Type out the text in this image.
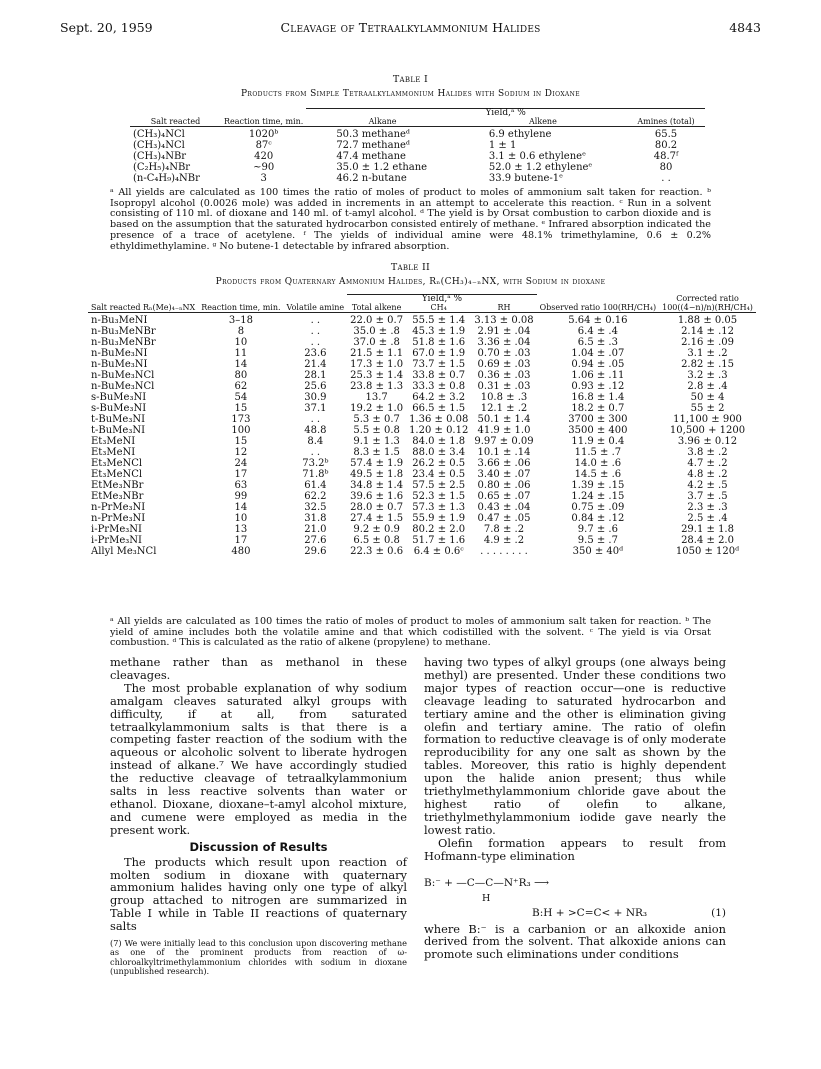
Sept. 20, 1959	Cleavage of Tetraalkylammonium Halides	4843
Table I
Products from Simple Tetraalkylammonium Halides with Sodium in Dioxane
Salt reacted	Reaction time, min.	Yield,ᵃ %		
		Alkane	Alkene	Amines (total)

(CH₃)₄NCl	1020ᵇ	50.3 methaneᵈ	6.9 ethylene	65.5
(CH₃)₄NCl	87ᶜ	72.7 methaneᵈ	1 ± 1	80.2
(CH₃)₄NBr	420	47.4 methane	3.1 ± 0.6 ethyleneᵉ	48.7ᶠ
(C₂H₅)₄NBr	~90	35.0 ± 1.2 ethane	52.0 ± 1.2 ethyleneᵉ	80
(n-C₄H₉)₄NBr	3	46.2 n-butane	33.9 butene-1ᵉ	. .
ᵃ All yields are calculated as 100 times the ratio of moles of product to moles of ammonium salt taken for reaction. ᵇ Isopropyl alcohol (0.0026 mole) was added in increments in an attempt to accelerate this reaction. ᶜ Run in a solvent consisting of 110 ml. of dioxane and 140 ml. of t-amyl alcohol. ᵈ The yield is by Orsat combustion to carbon dioxide and is based on the assumption that the saturated hydrocarbon consisted entirely of methane. ᵉ Infrared absorption indicated the presence of a trace of acetylene. ᶠ The yields of individual amine were 48.1% trimethylamine, 0.6 ± 0.2% ethyldimethylamine. ᵍ No butene-1 detectable by infrared absorption.
Table II
Products from Quaternary Ammonium Halides, Rₙ(CH₃)₄₋ₙNX, with Sodium in dioxane
Salt reacted Rₙ(Me)₄₋ₙNX	Reaction time, min.	Volatile amine	Yield,ᵃ %			Observed ratio 100(RH/CH₄)	Corrected ratio
			Total alkene	CH₄	RH		100((4−n)/n)(RH/CH₄)

n-Bu₃MeNI	3–18	. .	22.0 ± 0.7	55.5 ± 1.4	3.13 ± 0.08	5.64 ± 0.16	1.88 ± 0.05
n-Bu₃MeNBr	8	. .	35.0 ± .8	45.3 ± 1.9	2.91 ± .04	6.4 ± .4	2.14 ± .12
n-Bu₃MeNBr	10	. .	37.0 ± .8	51.8 ± 1.6	3.36 ± .04	6.5 ± .3	2.16 ± .09
n-BuMe₃NI	11	23.6	21.5 ± 1.1	67.0 ± 1.9	0.70 ± .03	1.04 ± .07	3.1 ± .2
n-BuMe₃NI	14	21.4	17.3 ± 1.0	73.7 ± 1.5	0.69 ± .03	0.94 ± .05	2.82 ± .15
n-BuMe₃NCl	80	28.1	25.3 ± 1.4	33.8 ± 0.7	0.36 ± .03	1.06 ± .11	3.2 ± .3
n-BuMe₃NCl	62	25.6	23.8 ± 1.3	33.3 ± 0.8	0.31 ± .03	0.93 ± .12	2.8 ± .4
s-BuMe₃NI	54	30.9	13.7	64.2 ± 3.2	10.8 ± .3	16.8 ± 1.4	50 ± 4
s-BuMe₃NI	15	37.1	19.2 ± 1.0	66.5 ± 1.5	12.1 ± .2	18.2 ± 0.7	55 ± 2
t-BuMe₃NI	173	. .	5.3 ± 0.7	1.36 ± 0.08	50.1 ± 1.4	3700 ± 300	11,100 ± 900
t-BuMe₃NI	100	48.8	5.5 ± 0.8	1.20 ± 0.12	41.9 ± 1.0	3500 ± 400	10,500 + 1200
Et₃MeNI	15	8.4	9.1 ± 1.3	84.0 ± 1.8	9.97 ± 0.09	11.9 ± 0.4	3.96 ± 0.12
Et₃MeNI	12	. .	8.3 ± 1.5	88.0 ± 3.4	10.1 ± .14	11.5 ± .7	3.8 ± .2
Et₃MeNCl	24	73.2ᵇ	57.4 ± 1.9	26.2 ± 0.5	3.66 ± .06	14.0 ± .6	4.7 ± .2
Et₃MeNCl	17	71.8ᵇ	49.5 ± 1.8	23.4 ± 0.5	3.40 ± .07	14.5 ± .6	4.8 ± .2
EtMe₃NBr	63	61.4	34.8 ± 1.4	57.5 ± 2.5	0.80 ± .06	1.39 ± .15	4.2 ± .5
EtMe₃NBr	99	62.2	39.6 ± 1.6	52.3 ± 1.5	0.65 ± .07	1.24 ± .15	3.7 ± .5
n-PrMe₃NI	14	32.5	28.0 ± 0.7	57.3 ± 1.3	0.43 ± .04	0.75 ± .09	2.3 ± .3
n-PrMe₃NI	10	31.8	27.4 ± 1.5	55.9 ± 1.9	0.47 ± .05	0.84 ± .12	2.5 ± .4
i-PrMe₃NI	13	21.0	9.2 ± 0.9	80.2 ± 2.0	7.8 ± .2	9.7 ± .6	29.1 ± 1.8
i-PrMe₃NI	17	27.6	6.5 ± 0.8	51.7 ± 1.6	4.9 ± .2	9.5 ± .7	28.4 ± 2.0
Allyl Me₃NCl	480	29.6	22.3 ± 0.6	6.4 ± 0.6ᶜ	. . . . . . . .	350 ± 40ᵈ	1050 ± 120ᵈ
ᵃ All yields are calculated as 100 times the ratio of moles of product to moles of ammonium salt taken for reaction. ᵇ The yield of amine includes both the volatile amine and that which codistilled with the solvent. ᶜ The yield is via Orsat combustion. ᵈ This is calculated as the ratio of alkene (propylene) to methane.

methane rather than as methanol in these cleavages.

The most probable explanation of why sodium amalgam cleaves saturated alkyl groups with difficulty, if at all, from saturated tetraalkylammonium salts is that there is a competing faster reaction of the sodium with the aqueous or alcoholic solvent to liberate hydrogen instead of alkane.⁷ We have accordingly studied the reductive cleavage of tetraalkylammonium salts in less reactive solvents than water or ethanol. Dioxane, dioxane–t-amyl alcohol mixture, and cumene were employed as media in the present work.

Discussion of Results

The products which result upon reaction of molten sodium in dioxane with quaternary ammonium halides having only one type of alkyl group attached to nitrogen are summarized in Table I while in Table II reactions of quaternary salts

(7) We were initially lead to this conclusion upon discovering methane as one of the prominent products from reaction of ω-chloroalkyltrimethylammonium chlorides with sodium in dioxane (unpublished research).

having two types of alkyl groups (one always being methyl) are presented. Under these conditions two major types of reaction occur—one is reductive cleavage leading to saturated hydrocarbon and tertiary amine and the other is elimination giving olefin and tertiary amine. The ratio of olefin formation to reductive cleavage is of only moderate reproducibility for any one salt as shown by the tables. Moreover, this ratio is highly dependent upon the halide anion present; thus while triethylmethylammonium chloride gave about the highest ratio of olefin to alkane, triethylmethylammonium iodide gave nearly the lowest ratio.

Olefin formation appears to result from Hofmann-type elimination

B:⁻ + —C—C—N⁺R₃ ⟶
H
B:H + >C=C< + NR₃	(1)

where B:⁻ is a carbanion or an alkoxide anion derived from the solvent. That alkoxide anions can promote such eliminations under conditions
